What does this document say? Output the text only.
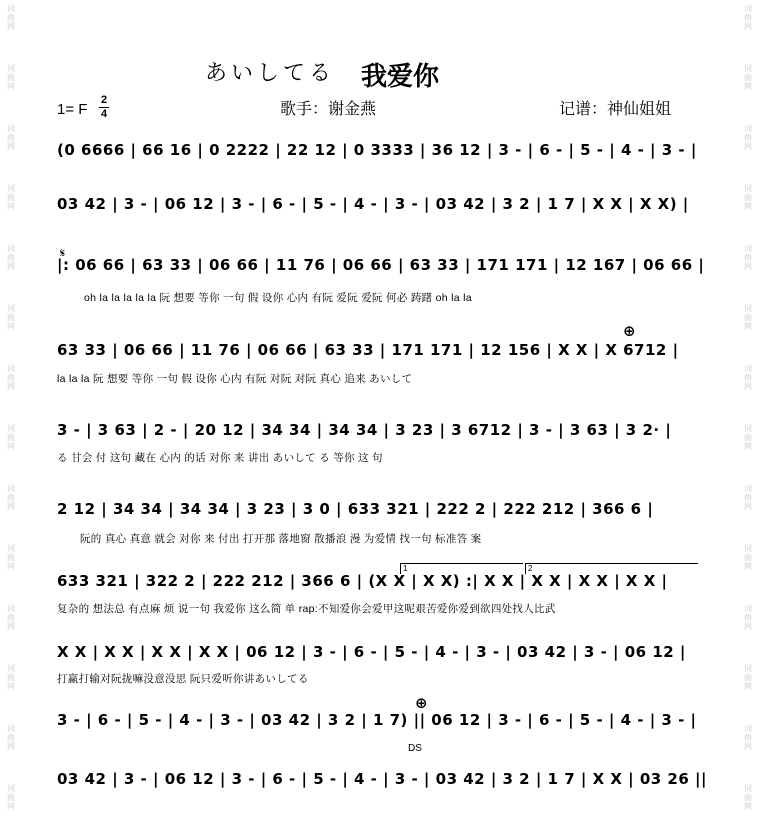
词
曲
网
词
曲
网
词
曲
网
词
曲
网
词
曲
网
词
曲
网
词
曲
网
词
曲
网
词
曲
网
词
曲
网
词
曲
网
词
曲
网
词
曲
网
词
曲
网
词
曲
网
词
曲
网
词
曲
网
词
曲
网
词
曲
网
词
曲
网
词
曲
网
词
曲
网
词
曲
网
词
曲
网
词
曲
网
词
曲
网
词
曲
网
词
曲
网
あいしてる 我爱你
1= F
2
4	歌手：谢金燕	记谱：神仙姐姐
(0 6666 | 66 16 | 0 2222 | 22 12 | 0 3333 | 36 12 | 3 - | 6 - | 5 - | 4 - | 3 - |
03 42 | 3 - | 06 12 | 3 - | 6 - | 5 - | 4 - | 3 - | 03 42 | 3 2 | 1 7 | X X | X X) |
𝄋
|: 06 66 | 63 33 | 06 66 | 11 76 | 06 66 | 63 33 | 171 171 | 12 167 | 06 66 |
oh la la la la la 阮 想要 等你 一句 假 设你 心内 有阮 爱阮 爱阮 何必 踌躇 oh la la
⊕
63 33 | 06 66 | 11 76 | 06 66 | 63 33 | 171 171 | 12 156 | X X | X 6712 |
la la la 阮 想要 等你 一句 假 设你 心内 有阮 对阮 对阮 真心 追来 あいして
3 - | 3 63 | 2 - | 20 12 | 34 34 | 34 34 | 3 23 | 3 6712 | 3 - | 3 63 | 3 2· |
る 甘会 付 这句 藏在 心内 的话 对你 来 讲出 あいして る 等你 这 句
2 12 | 34 34 | 34 34 | 3 23 | 3 0 | 633 321 | 222 2 | 222 212 | 366 6 |
阮的 真心 真意 就会 对你 来 付出 打开那 落地窗 散播浪 漫 为爱情 找一句 标准答 案
1	2
633 321 | 322 2 | 222 212 | 366 6 | (X X | X X) :| X X | X X | X X | X X |
复杂的 想法总 有点麻 烦 说一句 我爱你 这么简 单 rap:不知爱你会爱甲这呢艰苦爱你爱到欲四处找人比武
X X | X X | X X | X X | 06 12 | 3 - | 6 - | 5 - | 4 - | 3 - | 03 42 | 3 - | 06 12 |
打赢打输对阮拢嘛没意没思 阮只爱听你讲あいしてる
⊕
3 - | 6 - | 5 - | 4 - | 3 - | 03 42 | 3 2 | 1 7) || 06 12 | 3 - | 6 - | 5 - | 4 - | 3 - |
DS
03 42 | 3 - | 06 12 | 3 - | 6 - | 5 - | 4 - | 3 - | 03 42 | 3 2 | 1 7 | X X | 03 26 ||
